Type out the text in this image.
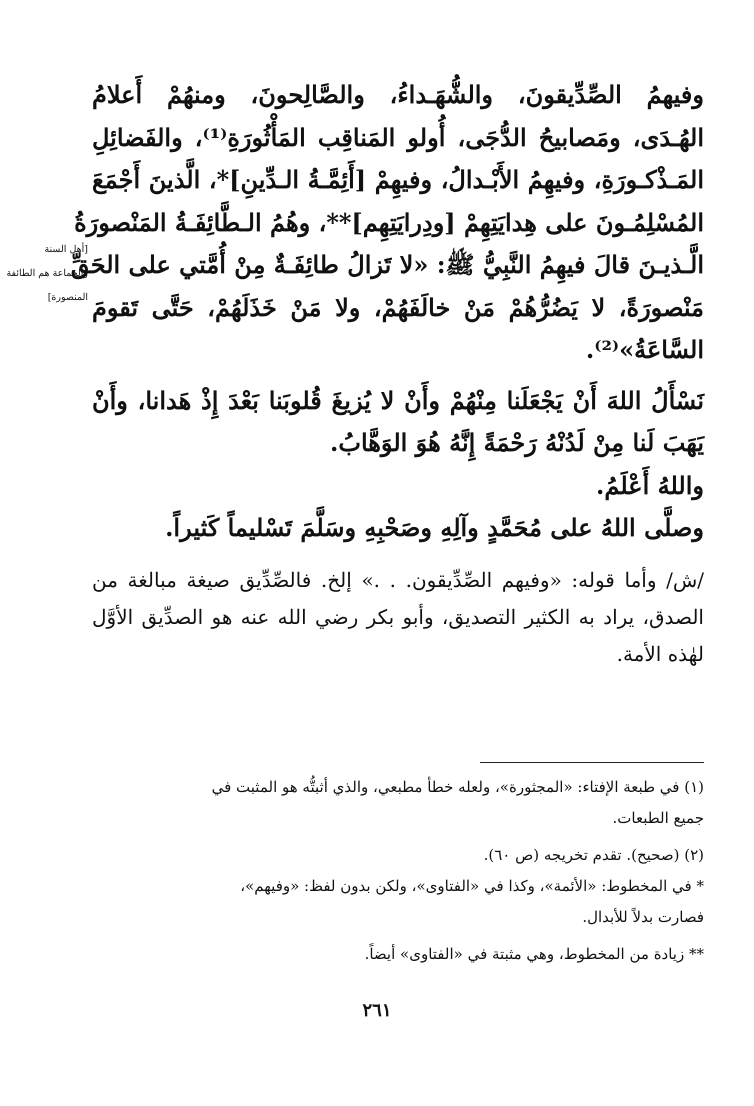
وفيهمُ الصِّدِّيقونَ، والشُّهَـداءُ، والصَّالِحونَ، ومنهُمْ أَعلامُ
الهُـدَى، ومَصابيحُ الدُّجَى، أُولو المَناقِب المَأْثُورَةِ⁽¹⁾، والفَضائِلِ
المَـذْكـورَةِ، وفيهِمُ الأَبْـدالُ، وفيهِمْ [أَئِمَّـةُ الـدِّينِ]*، الَّذينَ أَجْمَعَ
المُسْلِمُـونَ على هِدايَتِهِمْ [ودِرايَتِهِم]**، وهُمُ الـطَّائِفَـةُ المَنْصورَةُ
الَّـذيـنَ قالَ فيهِمُ النَّبِيُّ ﷺ: «لا تَزالُ طائِفَـةٌ مِنْ أُمَّتي على الحَقِّ
مَنْصورَةً، لا يَضُرُّهُمْ مَنْ خالَفَهُمْ، ولا مَنْ خَذَلَهُمْ، حَتَّى تَقومَ
السَّاعَةُ»⁽²⁾.

نَسْأَلُ اللهَ أَنْ يَجْعَلَنا مِنْهُمْ وأَنْ لا يُزيغَ قُلوبَنا بَعْدَ إِذْ هَدانا، وأَنْ
يَهَبَ لَنا مِنْ لَدُنْهُ رَحْمَةً إِنَّهُ هُوَ الوَهَّابُ.

واللهُ أَعْلَمُ.

وصلَّى اللهُ على مُحَمَّدٍ وآلِهِ وصَحْبِهِ وسَلَّمَ تَسْليماً كَثيراً.

/ش/ وأما قوله: «وفيهم الصِّدِّيقون. . .» إلخ. فالصِّدِّيق صيغة مبالغة من
الصدق، يراد به الكثير التصديق، وأبو بكر رضي الله عنه هو الصدِّيق الأوَّل
لهٰذه الأمة.

[أهل السنة
والجماعة هم الطائفة
المنصورة]

(١) في طبعة الإفتاء: «المجثورة»، ولعله خطأ مطبعي، والذي أثبتُّه هو المثبت في

جميع الطبعات.

(٢) (صحيح). تقدم تخريجه (ص ٦٠).

* في المخطوط: «الأئمة»، وكذا في «الفتاوى»، ولكن بدون لفظ: «وفيهم»،

فصارت بدلاً للأبدال.

** زيادة من المخطوط، وهي مثبتة في «الفتاوى» أيضاً.

٢٦١
